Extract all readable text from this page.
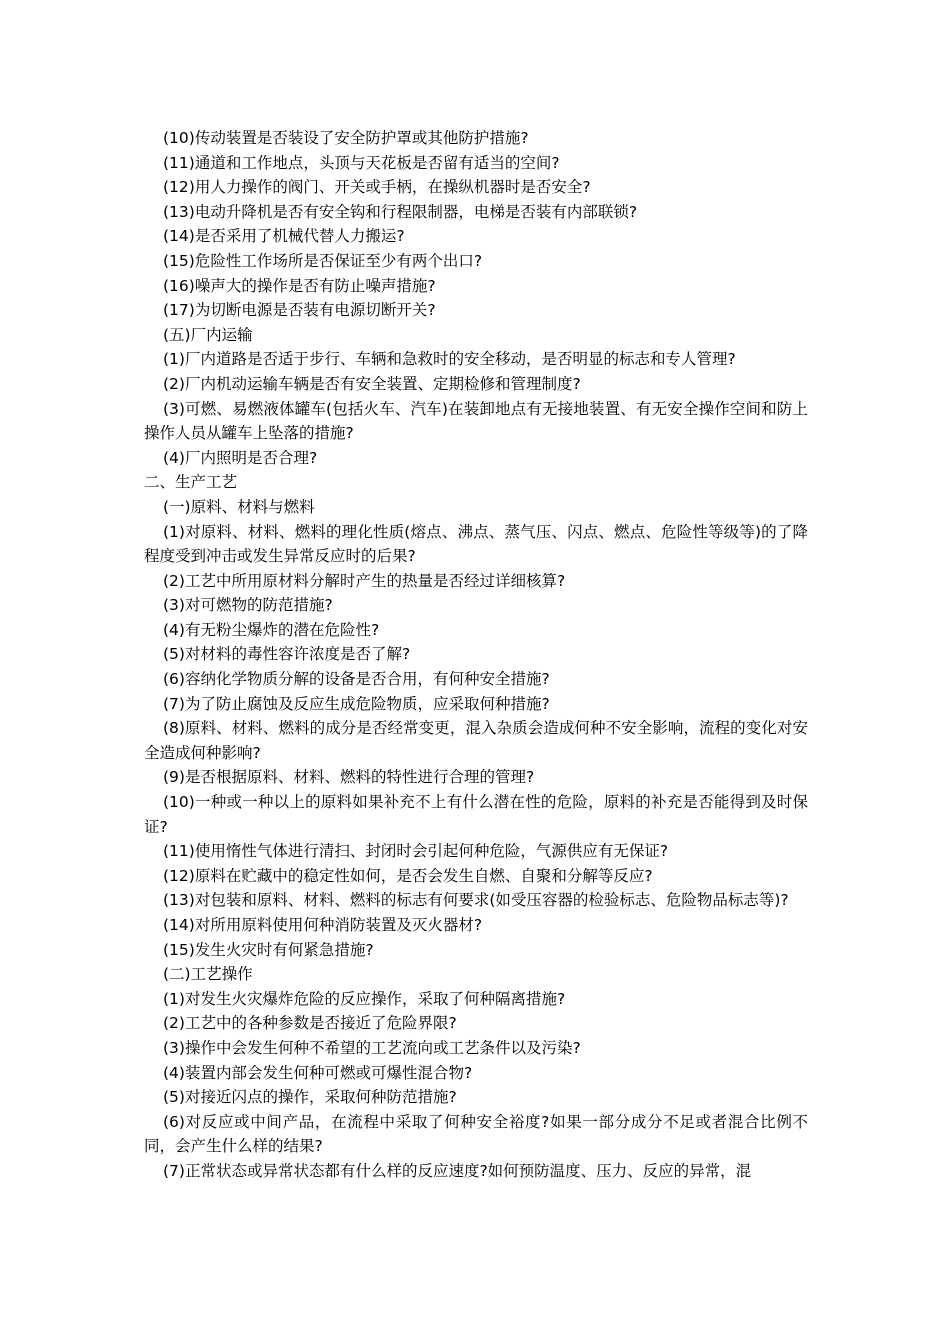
(10)传动装置是否装设了安全防护罩或其他防护措施?

(11)通道和工作地点，头顶与天花板是否留有适当的空间?

(12)用人力操作的阀门、开关或手柄，在操纵机器时是否安全?

(13)电动升降机是否有安全钩和行程限制器，电梯是否装有内部联锁?

(14)是否采用了机械代替人力搬运?

(15)危险性工作场所是否保证至少有两个出口?

(16)噪声大的操作是否有防止噪声措施?

(17)为切断电源是否装有电源切断开关?

(五)厂内运输

(1)厂内道路是否适于步行、车辆和急救时的安全移动，是否明显的标志和专人管理?

(2)厂内机动运输车辆是否有安全装置、定期检修和管理制度?

(3)可燃、易燃液体罐车(包括火车、汽车)在装卸地点有无接地装置、有无安全操作空间和防上操作人员从罐车上坠落的措施?

(4)厂内照明是否合理?

二、生产工艺

(一)原料、材料与燃料

(1)对原料、材料、燃料的理化性质(熔点、沸点、蒸气压、闪点、燃点、危险性等级等)的了降程度受到冲击或发生异常反应时的后果?

(2)工艺中所用原材料分解时产生的热量是否经过详细核算?

(3)对可燃物的防范措施?

(4)有无粉尘爆炸的潜在危险性?

(5)对材料的毒性容许浓度是否了解?

(6)容纳化学物质分解的设备是否合用，有何种安全措施?

(7)为了防止腐蚀及反应生成危险物质，应采取何种措施?

(8)原料、材料、燃料的成分是否经常变更，混入杂质会造成何种不安全影响，流程的变化对安全造成何种影响?

(9)是否根据原料、材料、燃料的特性进行合理的管理?

(10)一种或一种以上的原料如果补充不上有什么潜在性的危险，原料的补充是否能得到及时保证?

(11)使用惰性气体进行清扫、封闭时会引起何种危险，气源供应有无保证?

(12)原料在贮藏中的稳定性如何，是否会发生自燃、自聚和分解等反应?

(13)对包装和原料、材料、燃料的标志有何要求(如受压容器的检验标志、危险物品标志等)?

(14)对所用原料使用何种消防装置及灭火器材?

(15)发生火灾时有何紧急措施?

(二)工艺操作

(1)对发生火灾爆炸危险的反应操作，采取了何种隔离措施?

(2)工艺中的各种参数是否接近了危险界限?

(3)操作中会发生何种不希望的工艺流向或工艺条件以及污染?

(4)装置内部会发生何种可燃或可爆性混合物?

(5)对接近闪点的操作，采取何种防范措施?

(6)对反应或中间产品，在流程中采取了何种安全裕度?如果一部分成分不足或者混合比例不同，会产生什么样的结果?

(7)正常状态或异常状态都有什么样的反应速度?如何预防温度、压力、反应的异常，混
